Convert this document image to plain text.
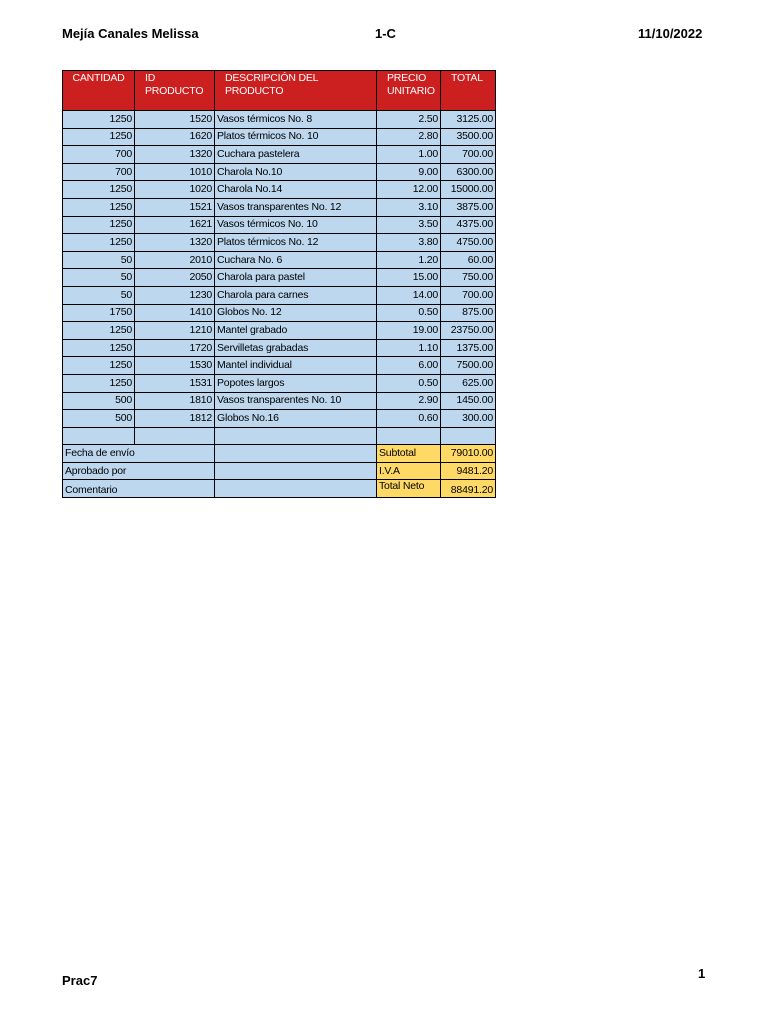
Mejía Canales Melissa	1-C	11/10/2022
CANTIDAD	ID PRODUCTO	DESCRIPCIÓN DEL PRODUCTO	PRECIO UNITARIO	TOTAL
1250	1520	Vasos térmicos No. 8	2.50	3125.00
1250	1620	Platos térmicos No. 10	2.80	3500.00
700	1320	Cuchara pastelera	1.00	700.00
700	1010	Charola No.10	9.00	6300.00
1250	1020	Charola No.14	12.00	15000.00
1250	1521	Vasos transparentes No. 12	3.10	3875.00
1250	1621	Vasos térmicos No. 10	3.50	4375.00
1250	1320	Platos térmicos No. 12	3.80	4750.00
50	2010	Cuchara No. 6	1.20	60.00
50	2050	Charola para pastel	15.00	750.00
50	1230	Charola para carnes	14.00	700.00
1750	1410	Globos No. 12	0.50	875.00
1250	1210	Mantel grabado	19.00	23750.00
1250	1720	Servilletas grabadas	1.10	1375.00
1250	1530	Mantel individual	6.00	7500.00
1250	1531	Popotes largos	0.50	625.00
500	1810	Vasos transparentes No. 10	2.90	1450.00
500	1812	Globos No.16	0.60	300.00

Fecha de envío			Subtotal	79010.00
Aprobado por			I.V.A	9481.20
Comentario			Total Neto	88491.20
Prac7	1
